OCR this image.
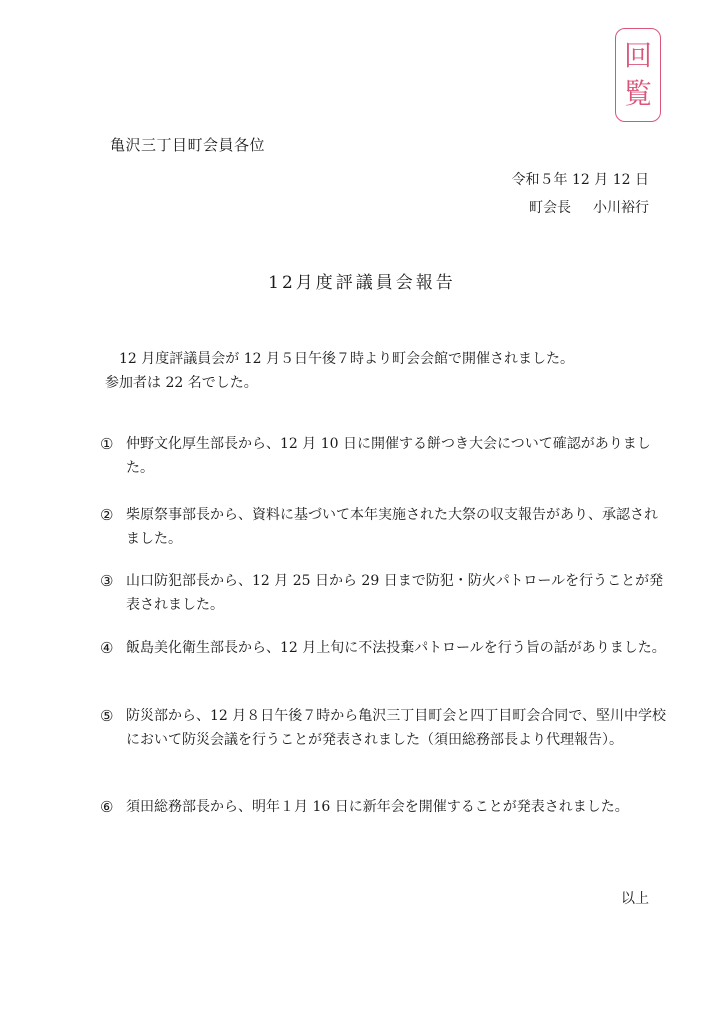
回
覧
亀沢三丁目町会員各位
令和５年 12 月 12 日
町会長 小川裕行
12月度評議員会報告
12 月度評議員会が 12 月５日午後７時より町会会館で開催されました。
参加者は 22 名でした。
① 仲野文化厚生部長から、12 月 10 日に開催する餅つき大会について確認がありました。
② 柴原祭事部長から、資料に基づいて本年実施された大祭の収支報告があり、承認されました。
③ 山口防犯部長から、12 月 25 日から 29 日まで防犯・防火パトロールを行うことが発表されました。
④ 飯島美化衛生部長から、12 月上旬に不法投棄パトロールを行う旨の話がありました。
⑤ 防災部から、12 月８日午後７時から亀沢三丁目町会と四丁目町会合同で、堅川中学校において防災会議を行うことが発表されました（須田総務部長より代理報告）。
⑥ 須田総務部長から、明年１月 16 日に新年会を開催することが発表されました。
以上
